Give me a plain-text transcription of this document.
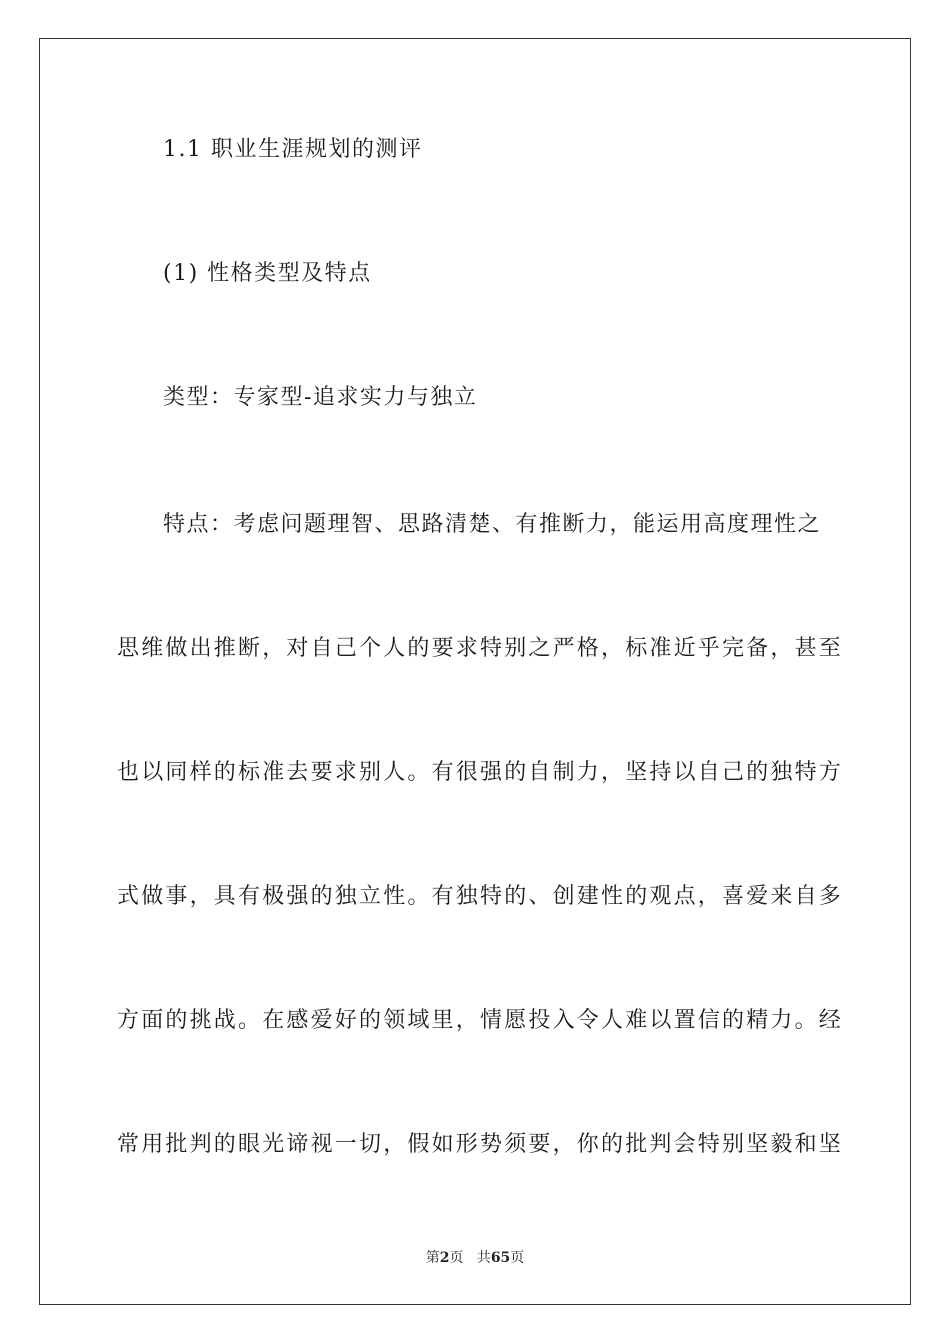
1.1 职业生涯规划的测评
(1) 性格类型及特点
类型：专家型-追求实力与独立
特点：考虑问题理智、思路清楚、有推断力，能运用高度理性之
思维做出推断，对自己个人的要求特别之严格，标准近乎完备，甚至
也以同样的标准去要求别人。有很强的自制力，坚持以自己的独特方
式做事，具有极强的独立性。有独特的、创建性的观点，喜爱来自多
方面的挑战。在感爱好的领域里，情愿投入令人难以置信的精力。经
常用批判的眼光谛视一切，假如形势须要，你的批判会特别坚毅和坚
第2页 共65页
